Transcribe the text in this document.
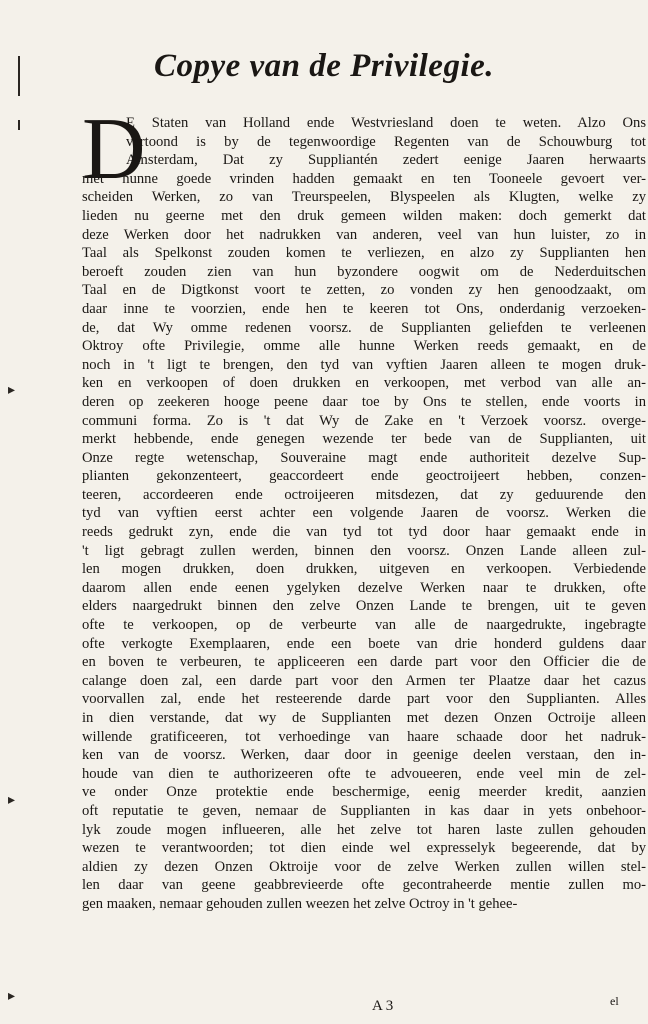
▸
▸
▸
Copye van de Privilegie.
D
E Staten van Holland ende Westvriesland doen te weten. Alzo Ons
vertoond is by de tegenwoordige Regenten van de Schouwburg tot
Amsterdam, Dat zy Suppliantén zedert eenige Jaaren herwaarts
met hunne goede vrinden hadden gemaakt en ten Tooneele gevoert ver-
scheiden Werken, zo van Treurspeelen, Blyspeelen als Klugten, welke zy
lieden nu geerne met den druk gemeen wilden maken: doch gemerkt dat
deze Werken door het nadrukken van anderen, veel van hun luister, zo in
Taal als Spelkonst zouden komen te verliezen, en alzo zy Supplianten hen
beroeft zouden zien van hun byzondere oogwit om de Nederduitschen
Taal en de Digtkonst voort te zetten, zo vonden zy hen genoodzaakt, om
daar inne te voorzien, ende hen te keeren tot Ons, onderdanig verzoeken-
de, dat Wy omme redenen voorsz. de Supplianten geliefden te verleenen
Oktroy ofte Privilegie, omme alle hunne Werken reeds gemaakt, en de
noch in 't ligt te brengen, den tyd van vyftien Jaaren alleen te mogen druk-
ken en verkoopen of doen drukken en verkoopen, met verbod van alle an-
deren op zeekeren hooge peene daar toe by Ons te stellen, ende voorts in
communi forma. Zo is 't dat Wy de Zake en 't Verzoek voorsz. overge-
merkt hebbende, ende genegen wezende ter bede van de Supplianten, uit
Onze regte wetenschap, Souveraine magt ende authoriteit dezelve Sup-
plianten gekonzenteert, geaccordeert ende geoctroijeert hebben, conzen-
teeren, accordeeren ende octroijeeren mitsdezen, dat zy geduurende den
tyd van vyftien eerst achter een volgende Jaaren de voorsz. Werken die
reeds gedrukt zyn, ende die van tyd tot tyd door haar gemaakt ende in
't ligt gebragt zullen werden, binnen den voorsz. Onzen Lande alleen zul-
len mogen drukken, doen drukken, uitgeven en verkoopen. Verbiedende
daarom allen ende eenen ygelyken dezelve Werken naar te drukken, ofte
elders naargedrukt binnen den zelve Onzen Lande te brengen, uit te geven
ofte te verkoopen, op de verbeurte van alle de naargedrukte, ingebragte
ofte verkogte Exemplaaren, ende een boete van drie honderd guldens daar
en boven te verbeuren, te appliceeren een darde part voor den Officier die de
calange doen zal, een darde part voor den Armen ter Plaatze daar het cazus
voorvallen zal, ende het resteerende darde part voor den Supplianten. Alles
in dien verstande, dat wy de Supplianten met dezen Onzen Octroije alleen
willende gratificeeren, tot verhoedinge van haare schaade door het nadruk-
ken van de voorsz. Werken, daar door in geenige deelen verstaan, den in-
houde van dien te authorizeeren ofte te advoueeren, ende veel min de zel-
ve onder Onze protektie ende beschermige, eenig meerder kredit, aanzien
oft reputatie te geven, nemaar de Supplianten in kas daar in yets onbehoor-
lyk zoude mogen influeeren, alle het zelve tot haren laste zullen gehouden
wezen te verantwoorden; tot dien einde wel expresselyk begeerende, dat by
aldien zy dezen Onzen Oktroije voor de zelve Werken zullen willen stel-
len daar van geene geabbrevieerde ofte gecontraheerde mentie zullen mo-
gen maaken, nemaar gehouden zullen weezen het zelve Octroy in 't gehee-
A 3	el
